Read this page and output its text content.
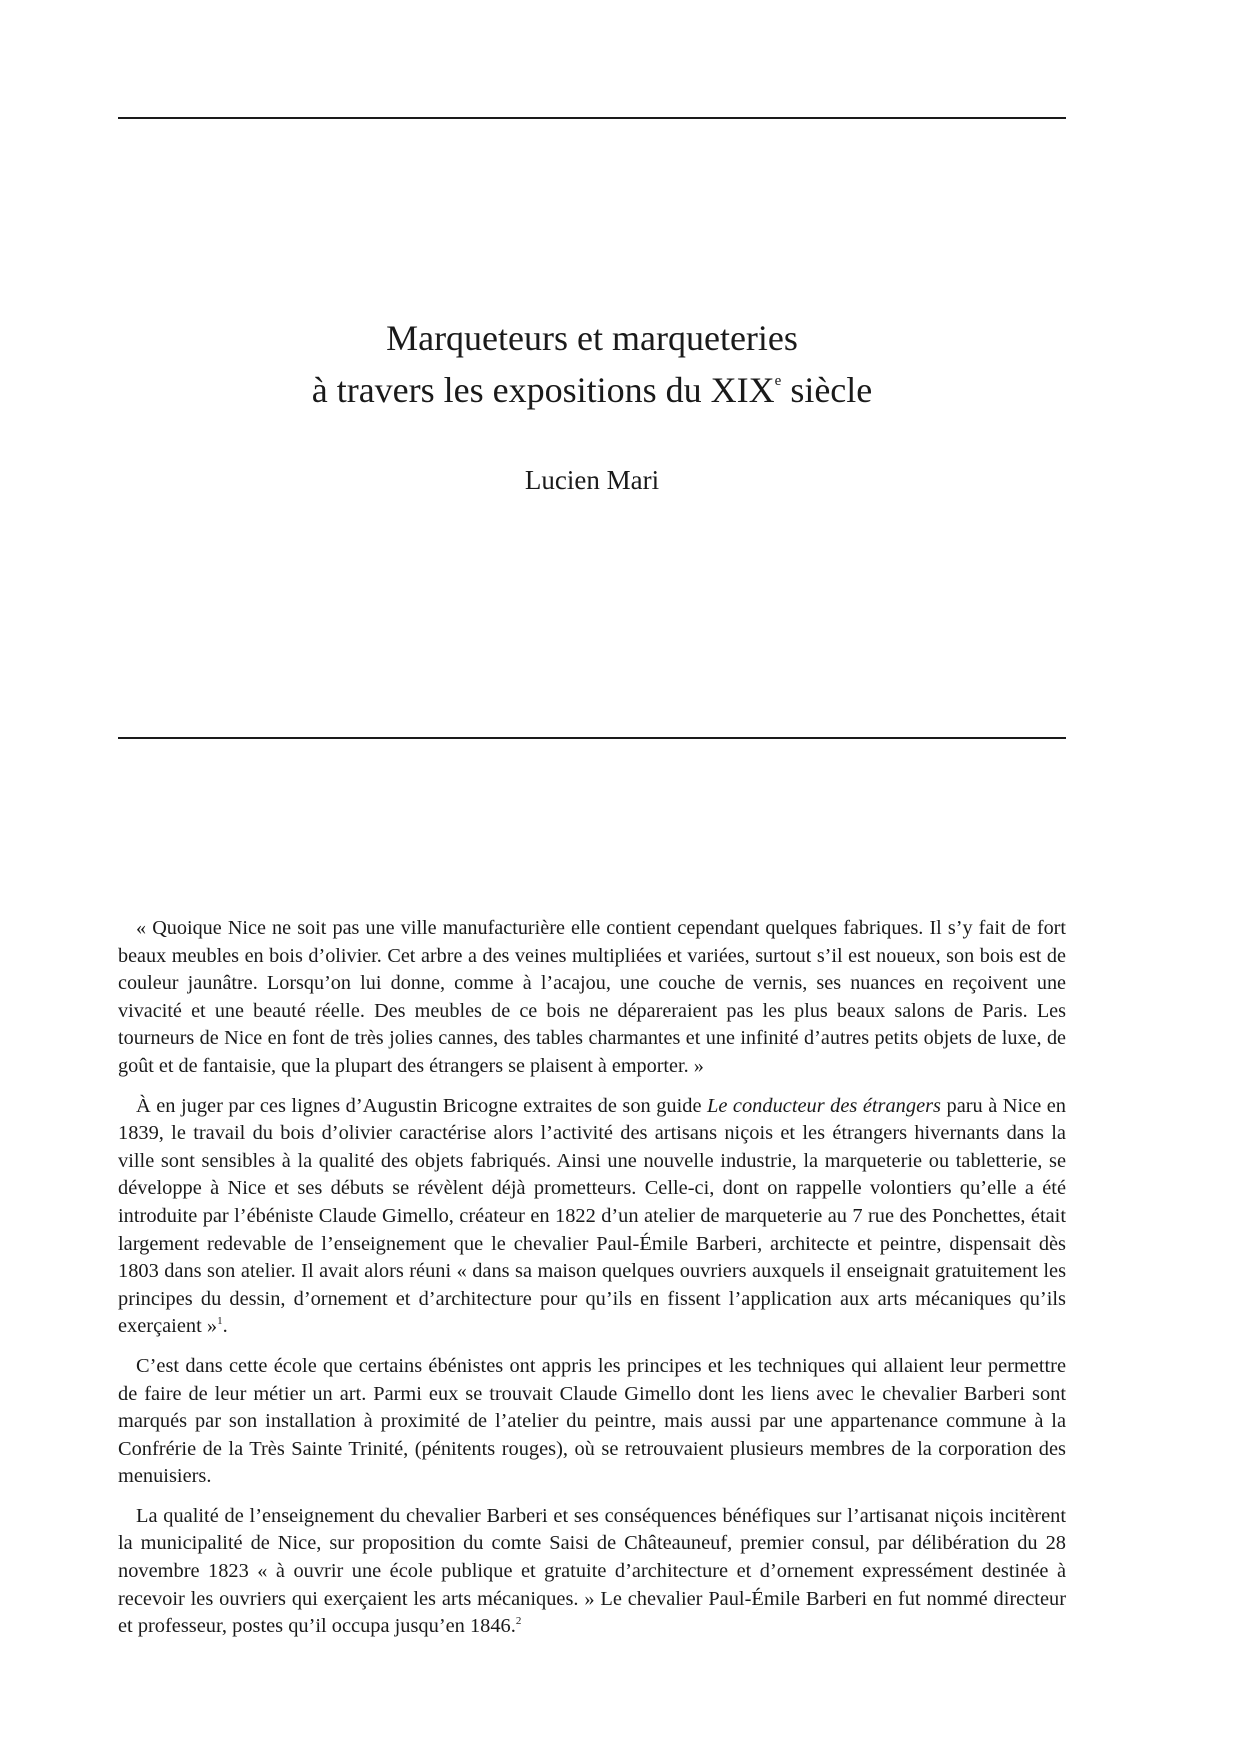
Marqueteurs et marqueteries
à travers les expositions du XIXe siècle
Lucien Mari

« Quoique Nice ne soit pas une ville manufacturière elle contient cependant quelques fabriques. Il s’y fait de fort beaux meubles en bois d’olivier. Cet arbre a des veines multipliées et variées, surtout s’il est noueux, son bois est de couleur jaunâtre. Lorsqu’on lui donne, comme à l’acajou, une couche de vernis, ses nuances en reçoivent une vivacité et une beauté réelle. Des meubles de ce bois ne dépareraient pas les plus beaux salons de Paris. Les tourneurs de Nice en font de très jolies cannes, des tables charmantes et une infinité d’autres petits objets de luxe, de goût et de fantaisie, que la plupart des étrangers se plaisent à emporter. »

À en juger par ces lignes d’Augustin Bricogne extraites de son guide Le conducteur des étrangers paru à Nice en 1839, le travail du bois d’olivier caractérise alors l’activité des artisans niçois et les étrangers hivernants dans la ville sont sensibles à la qualité des objets fabriqués. Ainsi une nouvelle industrie, la marqueterie ou tabletterie, se développe à Nice et ses débuts se révèlent déjà prometteurs. Celle-ci, dont on rappelle volontiers qu’elle a été introduite par l’ébéniste Claude Gimello, créateur en 1822 d’un atelier de marqueterie au 7 rue des Ponchettes, était largement redevable de l’enseignement que le chevalier Paul-Émile Barberi, architecte et peintre, dispensait dès 1803 dans son atelier. Il avait alors réuni « dans sa maison quelques ouvriers auxquels il enseignait gratuitement les principes du dessin, d’ornement et d’architecture pour qu’ils en fissent l’application aux arts mécaniques qu’ils exerçaient »$^1$.

C’est dans cette école que certains ébénistes ont appris les principes et les techniques qui allaient leur permettre de faire de leur métier un art. Parmi eux se trouvait Claude Gimello dont les liens avec le chevalier Barberi sont marqués par son installation à proximité de l’atelier du peintre, mais aussi par une appartenance commune à la Confrérie de la Très Sainte Trinité, (pénitents rouges), où se retrouvaient plusieurs membres de la corporation des menuisiers.

La qualité de l’enseignement du chevalier Barberi et ses conséquences bénéfiques sur l’artisanat niçois incitèrent la municipalité de Nice, sur proposition du comte Saisi de Châteauneuf, premier consul, par délibération du 28 novembre 1823 « à ouvrir une école publique et gratuite d’architecture et d’ornement expressément destinée à recevoir les ouvriers qui exerçaient les arts mécaniques. » Le chevalier Paul-Émile Barberi en fut nommé directeur et professeur, postes qu’il occupa jusqu’en 1846.$^2$
